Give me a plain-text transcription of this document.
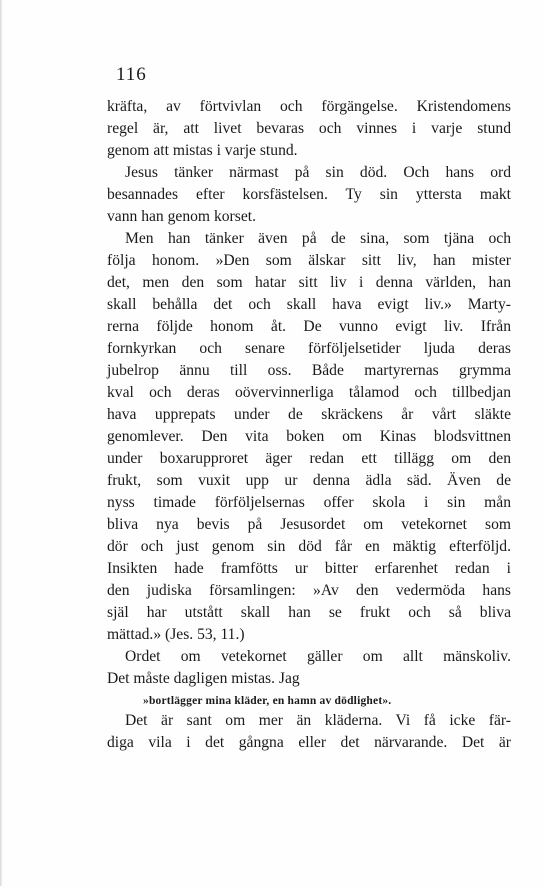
116
kräfta, av förtvivlan och förgängelse. Kristendomens
regel är, att livet bevaras och vinnes i varje stund
genom att mistas i varje stund.
Jesus tänker närmast på sin död. Och hans ord
besannades efter korsfästelsen. Ty sin yttersta makt
vann han genom korset.
Men han tänker även på de sina, som tjäna och
följa honom. »Den som älskar sitt liv, han mister
det, men den som hatar sitt liv i denna världen, han
skall behålla det och skall hava evigt liv.» Marty-
rerna följde honom åt. De vunno evigt liv. Ifrån
fornkyrkan och senare förföljelsetider ljuda deras
jubelrop ännu till oss. Både martyrernas grymma
kval och deras oövervinnerliga tålamod och tillbedjan
hava upprepats under de skräckens år vårt släkte
genomlever. Den vita boken om Kinas blodsvittnen
under boxarupproret äger redan ett tillägg om den
frukt, som vuxit upp ur denna ädla säd. Även de
nyss timade förföljelsernas offer skola i sin mån
bliva nya bevis på Jesusordet om vetekornet som
dör och just genom sin död får en mäktig efterföljd.
Insikten hade framfötts ur bitter erfarenhet redan i
den judiska församlingen: »Av den vedermöda hans
själ har utstått skall han se frukt och så bliva
mättad.» (Jes. 53, 11.)
Ordet om vetekornet gäller om allt mänskoliv.
Det måste dagligen mistas. Jag
»bortlägger mina kläder, en hamn av dödlighet».
Det är sant om mer än kläderna. Vi få icke fär-
diga vila i det gångna eller det närvarande. Det är
